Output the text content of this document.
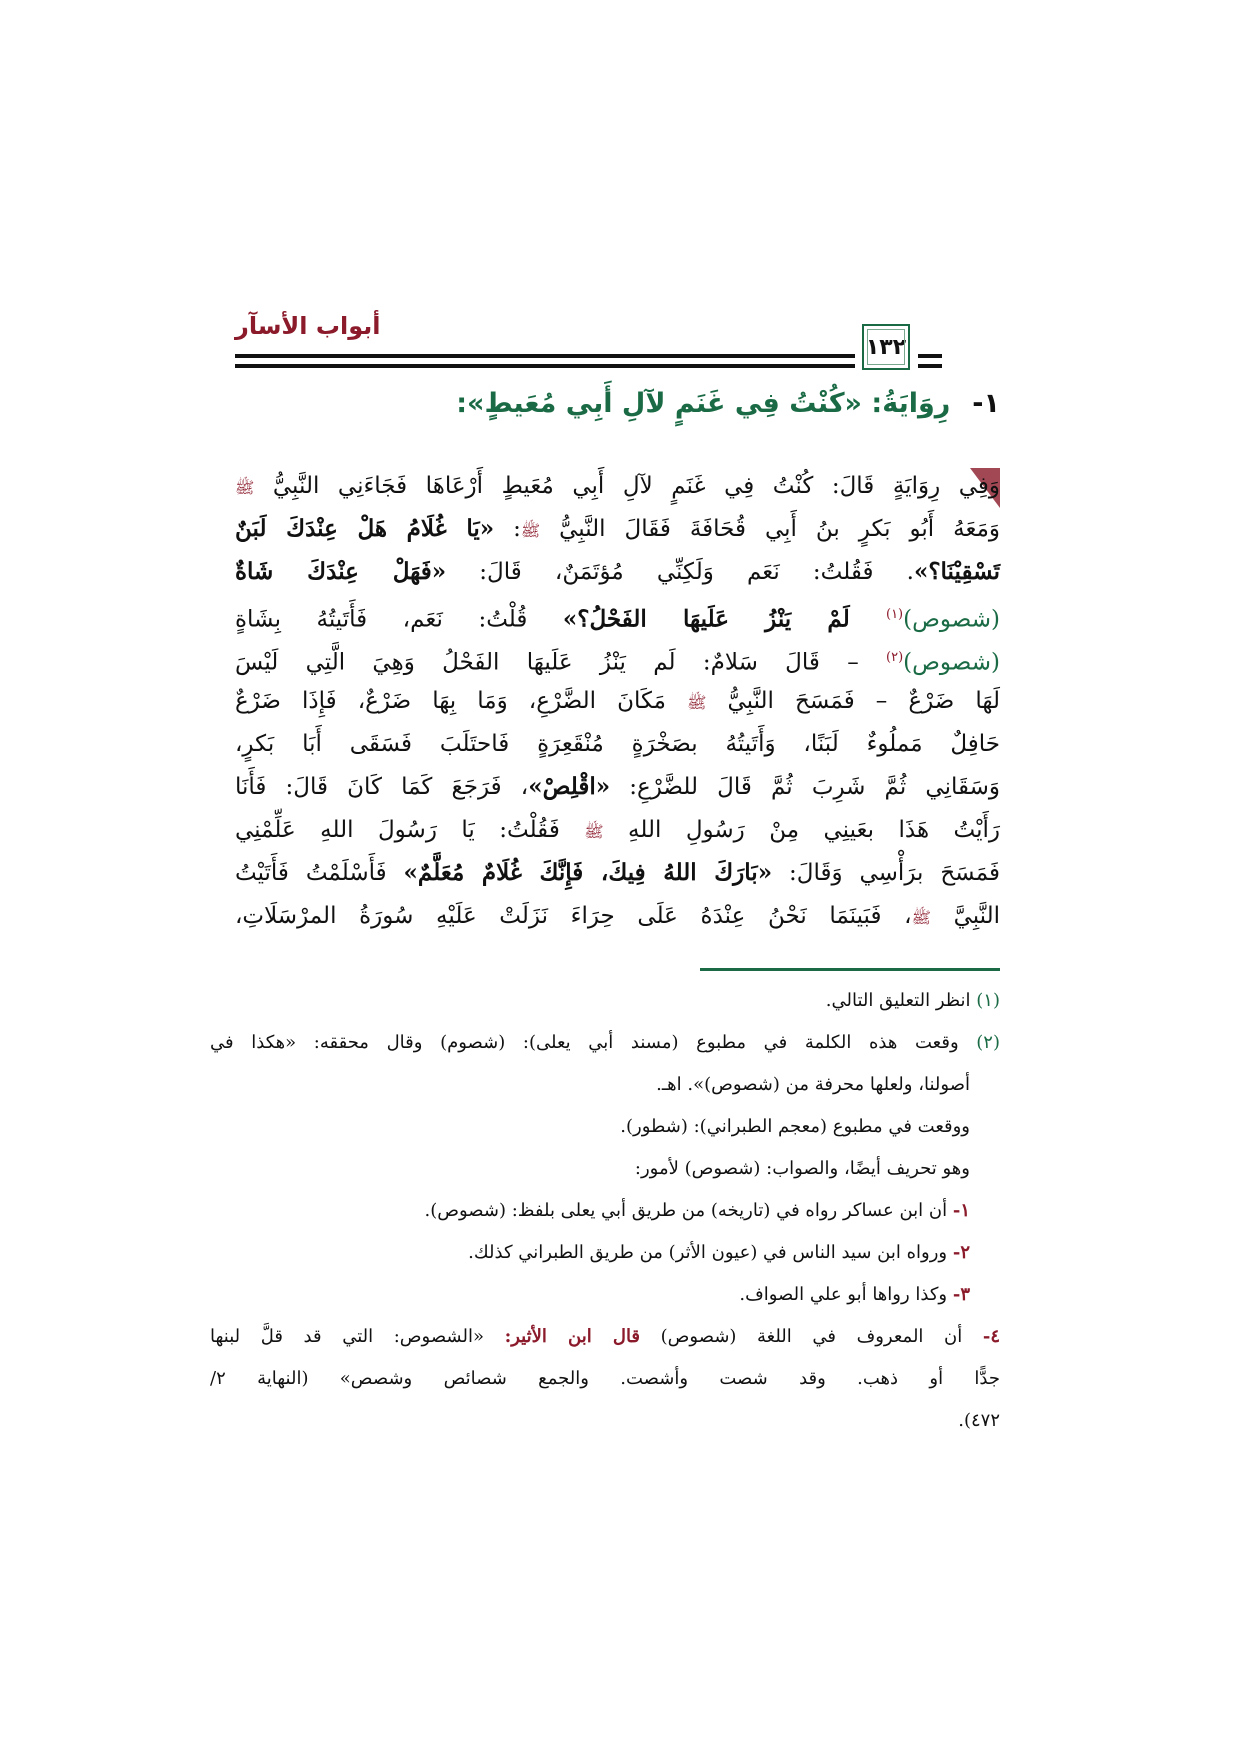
أبواب الأسآر
١٣٢
١-رِوَايَةُ: «كُنْتُ فِي غَنَمٍ لآلِ أَبِي مُعَيطٍ»:
وَفِي رِوَايَةٍ قَالَ: كُنْتُ فِي غَنَمٍ لآلِ أَبِي مُعَيطٍ أَرْعَاهَا فَجَاءَنِي النَّبِيُّ ﷺ
وَمَعَهُ أَبُو بَكرٍ بنُ أَبِي قُحَافَةَ فَقَالَ النَّبِيُّ ﷺ: «يَا غُلَامُ هَلْ عِنْدَكَ لَبَنٌ
تَسْقِيْنَا؟». فَقُلتُ: نَعَم وَلَكِنِّي مُؤتَمَنٌ، قَالَ: «فَهَلْ عِنْدَكَ شَاةٌ
(شصوص)$^{(١)}$ لَمْ يَنْزُ عَلَيهَا الفَحْلُ؟» قُلْتُ: نَعَم، فَأَتَيتُهُ بِشَاةٍ
(شصوص)$^{(٢)}$ – قَالَ سَلامٌ: لَم يَنْزُ عَلَيهَا الفَحْلُ وَهِيَ الَّتِي لَيْسَ
لَهَا ضَرْعٌ – فَمَسَحَ النَّبِيُّ ﷺ مَكَانَ الضَّرْعِ، وَمَا بِهَا ضَرْعٌ، فَإِذَا ضَرْعٌ
حَافِلٌ مَملُوءٌ لَبَنًا، وَأَتَيتُهُ بصَخْرَةٍ مُنْقَعِرَةٍ فَاحتَلَبَ فَسَقَى أَبَا بَكرٍ،
وَسَقَانِي ثُمَّ شَرِبَ ثُمَّ قَالَ للضَّرْعِ: «اقْلِصْ»، فَرَجَعَ كَمَا كَانَ قَالَ: فَأَنَا
رَأَيْتُ هَذَا بعَينِي مِنْ رَسُولِ اللهِ ﷺ فَقُلْتُ: يَا رَسُولَ اللهِ عَلِّمْنِي
فَمَسَحَ برَأْسِي وَقَالَ: «بَارَكَ اللهُ فِيكَ، فَإِنَّكَ غُلَامٌ مُعَلَّمٌ» فَأَسْلَمْتُ فَأَتَيْتُ
النَّبِيَّ ﷺ، فَبَينَمَا نَحْنُ عِنْدَهُ عَلَى حِرَاءَ نَزَلَتْ عَلَيْهِ سُورَةُ المرْسَلَاتِ،
(١) انظر التعليق التالي.
(٢) وقعت هذه الكلمة في مطبوع (مسند أبي يعلى): (شصوم) وقال محققه: «هكذا في
أصولنا، ولعلها محرفة من (شصوص)». اهـ.
ووقعت في مطبوع (معجم الطبراني): (شطور).
وهو تحريف أيضًا، والصواب: (شصوص) لأمور:
١- أن ابن عساكر رواه في (تاريخه) من طريق أبي يعلى بلفظ: (شصوص).
٢- ورواه ابن سيد الناس في (عيون الأثر) من طريق الطبراني كذلك.
٣- وكذا رواها أبو علي الصواف.
٤- أن المعروف في اللغة (شصوص) قال ابن الأثير: «الشصوص: التي قد قلَّ لبنها
جدًّا أو ذهب. وقد شصت وأشصت. والجمع شصائص وشصص» (النهاية ٢/
٤٧٢).
